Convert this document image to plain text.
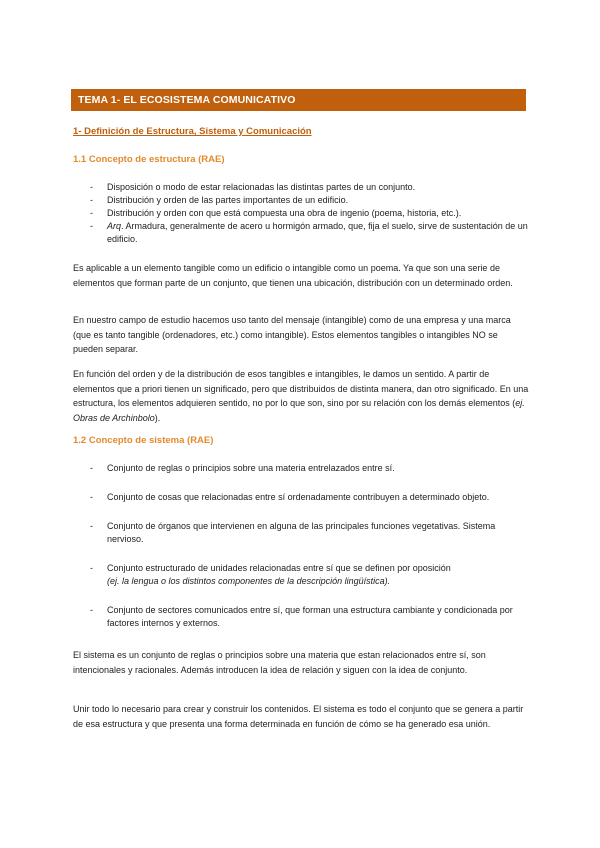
TEMA 1- EL ECOSISTEMA COMUNICATIVO
1- Definición de Estructura, Sistema y Comunicación
1.1 Concepto de estructura (RAE)
- Disposición o modo de estar relacionadas las distintas partes de un conjunto.
- Distribución y orden de las partes importantes de un edificio.
- Distribución y orden con que está compuesta una obra de ingenio (poema, historia, etc.).
- Arq. Armadura, generalmente de acero u hormigón armado, que, fija el suelo, sirve de sustentación de un edificio.

Es aplicable a un elemento tangible como un edificio o intangible como un poema. Ya que son una serie de elementos que forman parte de un conjunto, que tienen una ubicación, distribución con un determinado orden.

En nuestro campo de estudio hacemos uso tanto del mensaje (intangible) como de una empresa y una marca (que es tanto tangible (ordenadores, etc.) como intangible). Estos elementos tangibles o intangibles NO se pueden separar.

En función del orden y de la distribución de esos tangibles e intangibles, le damos un sentido. A partir de elementos que a priori tienen un significado, pero que distribuidos de distinta manera, dan otro significado. En una estructura, los elementos adquieren sentido, no por lo que son, sino por su relación con los demás elementos (ej. Obras de Archinbolo).

1.2 Concepto de sistema (RAE)
- Conjunto de reglas o principios sobre una materia entrelazados entre sí.
- Conjunto de cosas que relacionadas entre sí ordenadamente contribuyen a determinado objeto.
- Conjunto de órganos que intervienen en alguna de las principales funciones vegetativas. Sistema nervioso.
- Conjunto estructurado de unidades relacionadas entre sí que se definen por oposición
(ej. la lengua o los distintos componentes de la descripción lingüística).
- Conjunto de sectores comunicados entre sí, que forman una estructura cambiante y condicionada por factores internos y externos.

El sistema es un conjunto de reglas o principios sobre una materia que estan relacionados entre sí, son intencionales y racionales. Además introducen la idea de relación y siguen con la idea de conjunto.

Unir todo lo necesario para crear y construir los contenidos. El sistema es todo el conjunto que se genera a partir de esa estructura y que presenta una forma determinada en función de cómo se ha generado esa unión.
